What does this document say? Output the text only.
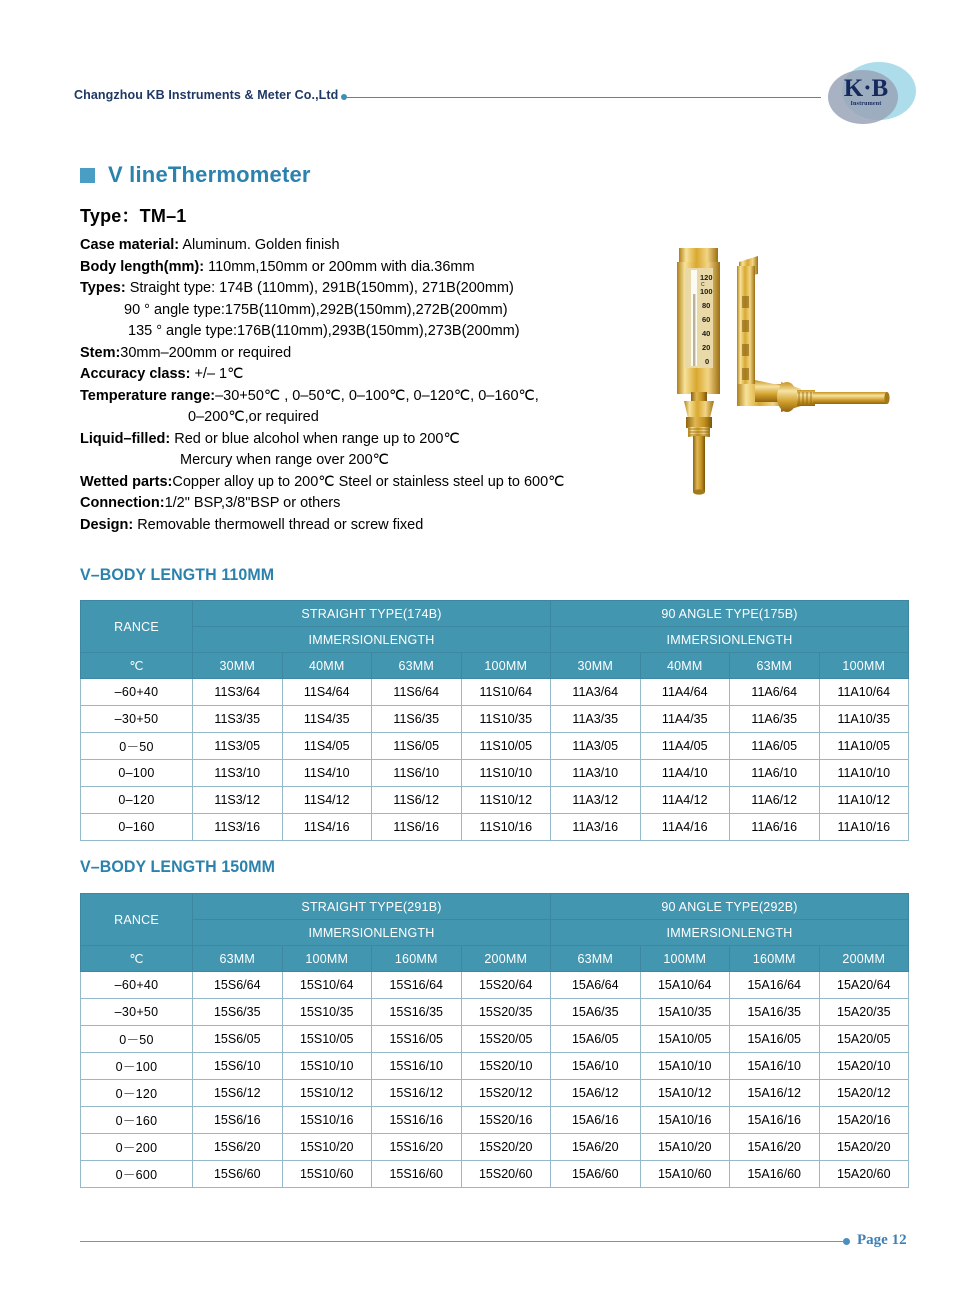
Changzhou KB Instruments & Meter Co.,Ltd	K·B
Instrument
V lineThermometer
Type：TM–1
Case material: Aluminum. Golden finish
Body length(mm): 110mm,150mm or 200mm with dia.36mm
Types: Straight type: 174B (110mm), 291B(150mm), 271B(200mm)
90 ° angle type:175B(110mm),292B(150mm),272B(200mm)
135 ° angle type:176B(110mm),293B(150mm),273B(200mm)
Stem:30mm–200mm or required
Accuracy class: +/– 1℃
Temperature range:–30+50℃ , 0–50℃, 0–100℃, 0–120℃, 0–160℃,
0–200℃,or required
Liquid–filled: Red or blue alcohol when range up to 200℃
Mercury when range over 200℃
Wetted parts:Copper alloy up to 200℃ Steel or stainless steel up to 600℃
Connection:1/2" BSP,3/8"BSP or others
Design: Removable thermowell thread or screw fixed
120
100
80
60
40
20
0
C
V–BODY LENGTH 110MM
RANCE	STRAIGHT TYPE(174B)				90 ANGLE TYPE(175B)			
	IMMERSIONLENGTH				IMMERSIONLENGTH			
℃	30MM	40MM	63MM	100MM	30MM	40MM	63MM	100MM
–60+40	11S3/64	11S4/64	11S6/64	11S10/64	11A3/64	11A4/64	11A6/64	11A10/64
–30+50	11S3/35	11S4/35	11S6/35	11S10/35	11A3/35	11A4/35	11A6/35	11A10/35
0－50	11S3/05	11S4/05	11S6/05	11S10/05	11A3/05	11A4/05	11A6/05	11A10/05
0–100	11S3/10	11S4/10	11S6/10	11S10/10	11A3/10	11A4/10	11A6/10	11A10/10
0–120	11S3/12	11S4/12	11S6/12	11S10/12	11A3/12	11A4/12	11A6/12	11A10/12
0–160	11S3/16	11S4/16	11S6/16	11S10/16	11A3/16	11A4/16	11A6/16	11A10/16
V–BODY LENGTH 150MM
RANCE	STRAIGHT TYPE(291B)				90 ANGLE TYPE(292B)			
	IMMERSIONLENGTH				IMMERSIONLENGTH			
℃	63MM	100MM	160MM	200MM	63MM	100MM	160MM	200MM
–60+40	15S6/64	15S10/64	15S16/64	15S20/64	15A6/64	15A10/64	15A16/64	15A20/64
–30+50	15S6/35	15S10/35	15S16/35	15S20/35	15A6/35	15A10/35	15A16/35	15A20/35
0－50	15S6/05	15S10/05	15S16/05	15S20/05	15A6/05	15A10/05	15A16/05	15A20/05
0－100	15S6/10	15S10/10	15S16/10	15S20/10	15A6/10	15A10/10	15A16/10	15A20/10
0－120	15S6/12	15S10/12	15S16/12	15S20/12	15A6/12	15A10/12	15A16/12	15A20/12
0－160	15S6/16	15S10/16	15S16/16	15S20/16	15A6/16	15A10/16	15A16/16	15A20/16
0－200	15S6/20	15S10/20	15S16/20	15S20/20	15A6/20	15A10/20	15A16/20	15A20/20
0－600	15S6/60	15S10/60	15S16/60	15S20/60	15A6/60	15A10/60	15A16/60	15A20/60
Page 12
